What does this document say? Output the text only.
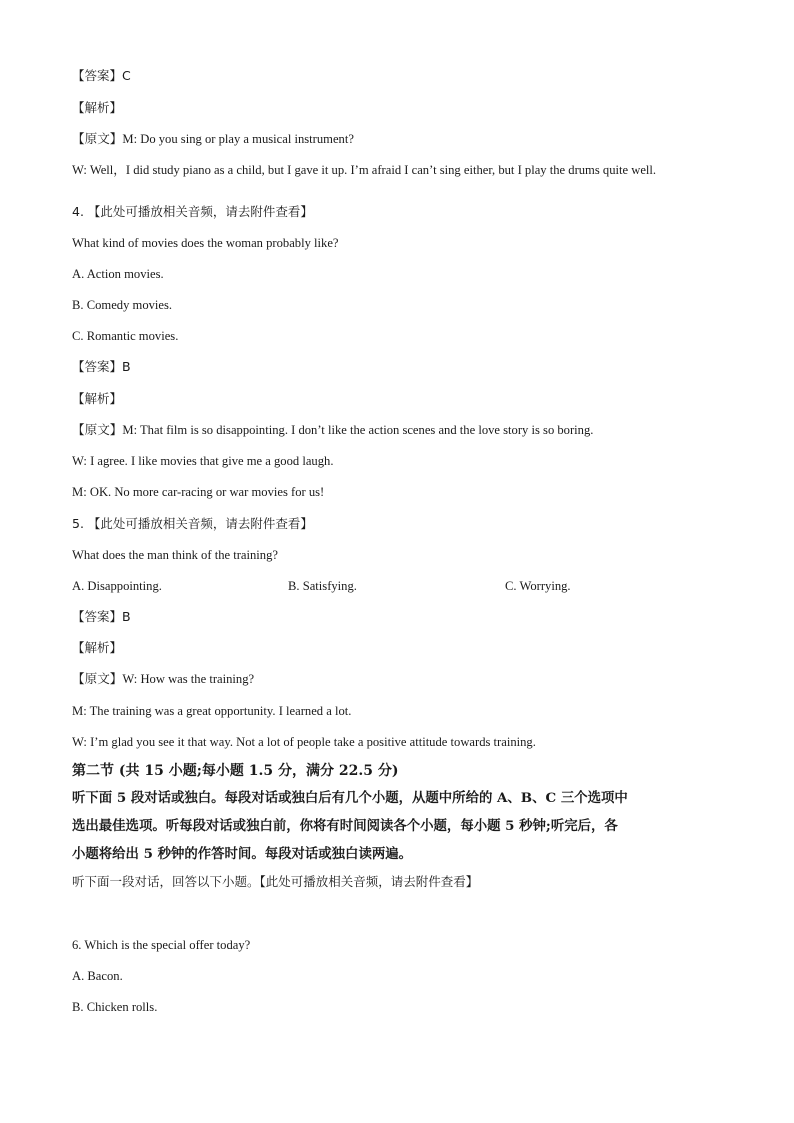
【答案】C
【解析】
【原文】M: Do you sing or play a musical instrument?
W: Well，I did study piano as a child, but I gave it up. I’m afraid I can’t sing either, but I play the drums quite well.
4. 【此处可播放相关音频，请去附件查看】
What kind of movies does the woman probably like?
A. Action movies.
B. Comedy movies.
C. Romantic movies.
【答案】B
【解析】
【原文】M: That film is so disappointing. I don’t like the action scenes and the love story is so boring.
W: I agree. I like movies that give me a good laugh.
M: OK. No more car-racing or war movies for us!
5. 【此处可播放相关音频，请去附件查看】
What does the man think of the training?
A. Disappointing.	B. Satisfying.	C. Worrying.
【答案】B
【解析】
【原文】W: How was the training?
M: The training was a great opportunity. I learned a lot.
W: I’m glad you see it that way. Not a lot of people take a positive attitude towards training.
第二节 (共 15 小题;每小题 1.5 分，满分 22.5 分)
听下面 5 段对话或独白。每段对话或独白后有几个小题，从题中所给的 A、B、C 三个选项中
选出最佳选项。听每段对话或独白前，你将有时间阅读各个小题，每小题 5 秒钟;听完后，各
小题将给出 5 秒钟的作答时间。每段对话或独白读两遍。
听下面一段对话，回答以下小题。【此处可播放相关音频，请去附件查看】
6. Which is the special offer today?
A. Bacon.
B. Chicken rolls.
